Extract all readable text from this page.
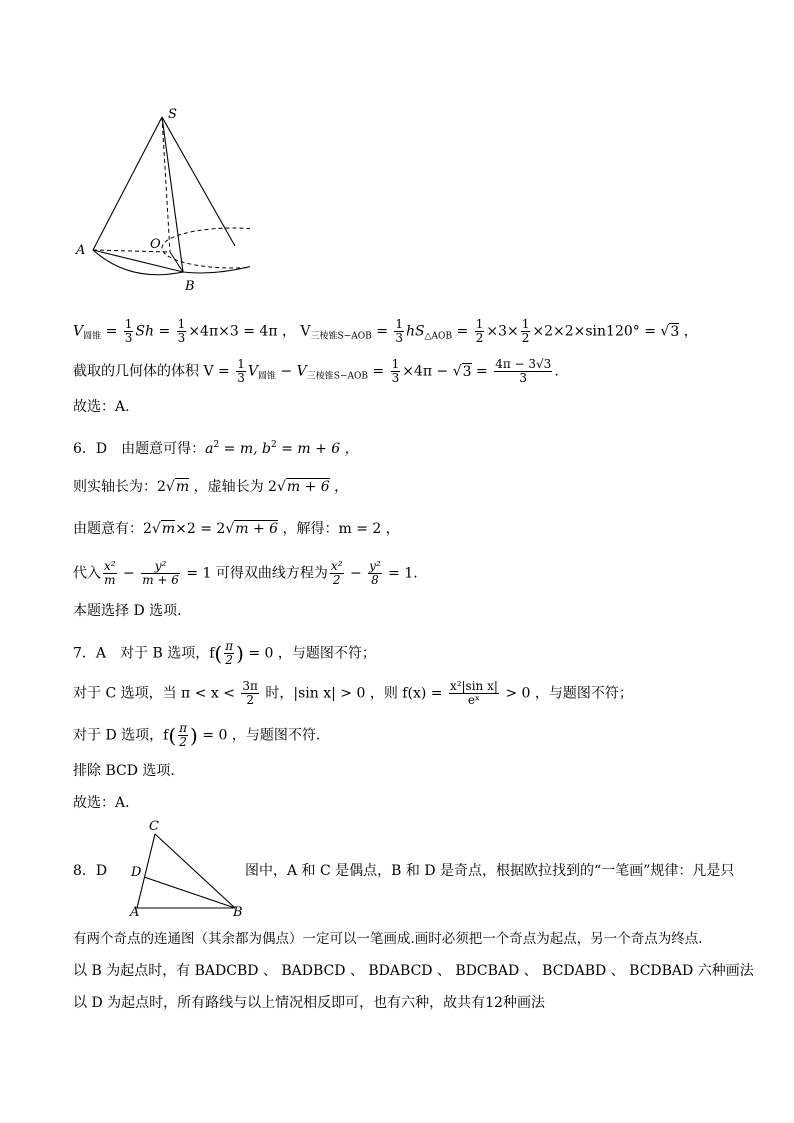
S
A	O
B
$V_{圆锥} = \frac{1}{3}$ $Sh = \frac{1}{3} \times 4\pi\times 3 = 4\pi$ ， $V_{三棱锥S-AOB} = \frac{1}{3} hS_{\triangle AOB} = \frac{1}{2} \times 3\times \frac{1}{2} \times 2\times 2\times\sin 120^\circ = √3$ ，
截取的几何体的体积 $V = \frac{1}{3} V_{圆锥} - V_{三棱锥S-AOB} = \frac{1}{3} \times 4\pi - √3 = \frac{4\pi - 3√3}{3}$ .
故选：A.
6．D　由题意可得：$a^2 = m$, $b^2 = m + 6$ ，
则实轴长为：2√m ，虚轴长为 2√m + 6 ，
由题意有：2√m×2 = 2√m + 6 ，解得：m = 2 ，
代入 $\frac{\text{x²}}{m} - \frac{\text{y²}}{m + 6} = 1$ 可得双曲线方程为 $\frac{\text{x²}}{2} - \frac{\text{y²}}{8} = 1$.
本题选择 D 选项.
7．A　对于 B 选项，$f( \frac{\pi}{2}$ ) = 0 ，与题图不符；
对于 C 选项，当 $\pi < x < \frac{3\pi}{2}$ 时，|sin x| > 0 ，则 $f(x) = \frac{\text{x²|sin x|}}{\text{eˣ}} > 0$ ，与题图不符；
对于 D 选项，$f( \frac{\pi}{2}$ ) = 0 ，与题图不符.
排除 BCD 选项.
故选：A.
C
D
A	B
8．D	图中，A 和 C 是偶点，B 和 D 是奇点，根据欧拉找到的“一笔画”规律：凡是只
有两个奇点的连通图（其余都为偶点）一定可以一笔画成.画时必须把一个奇点为起点，另一个奇点为终点.
以 B 为起点时，有 BADCBD 、 BADBCD 、 BDABCD 、 BDCBAD 、 BCDABD 、 BCDBAD 六种画法
以 D 为起点时，所有路线与以上情况相反即可，也有六种，故共有12种画法
